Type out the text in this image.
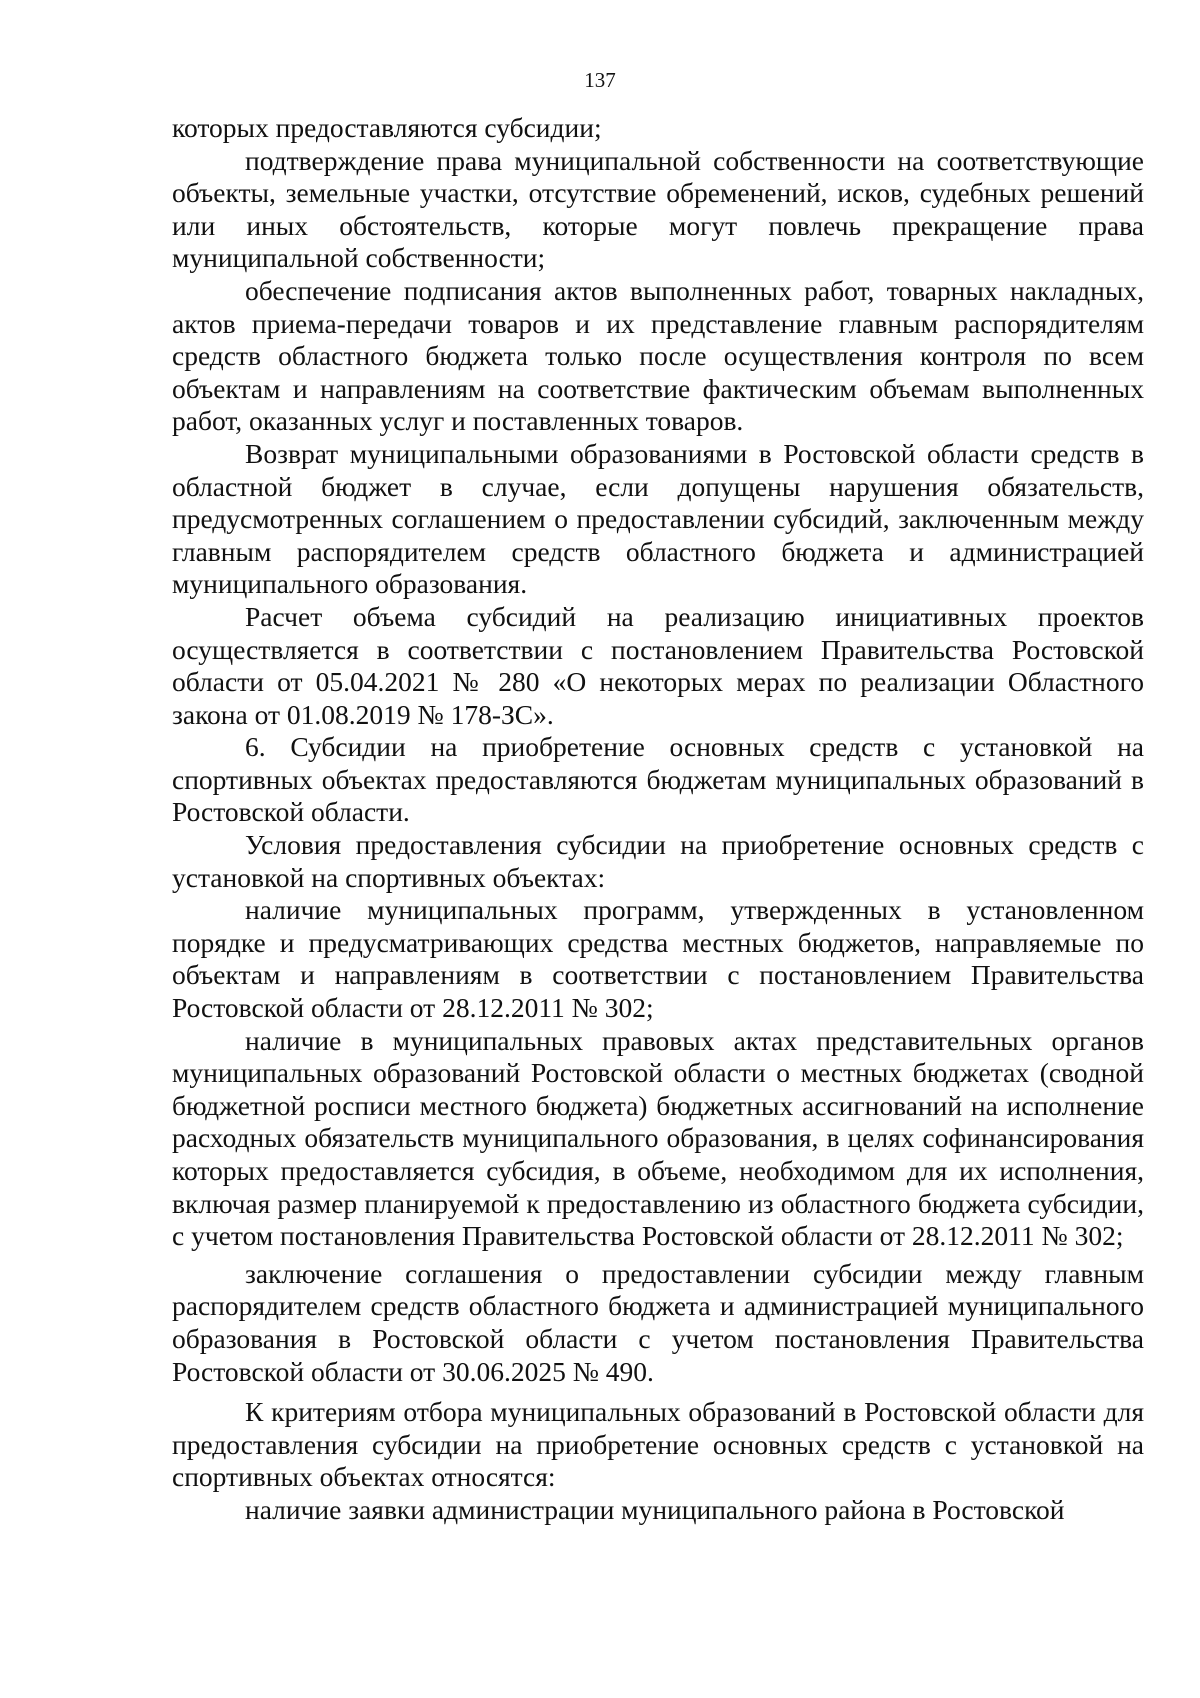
137

которых предоставляются субсидии;

подтверждение права муниципальной собственности на соответствующие объекты, земельные участки, отсутствие обременений, исков, судебных решений или иных обстоятельств, которые могут повлечь прекращение права муниципальной собственности;

обеспечение подписания актов выполненных работ, товарных накладных, актов приема-передачи товаров и их представление главным распорядителям средств областного бюджета только после осуществления контроля по всем объектам и направлениям на соответствие фактическим объемам выполненных работ, оказанных услуг и поставленных товаров.

Возврат муниципальными образованиями в Ростовской области средств в областной бюджет в случае, если допущены нарушения обязательств, предусмотренных соглашением о предоставлении субсидий, заключенным между главным распорядителем средств областного бюджета и администрацией муниципального образования.

Расчет объема субсидий на реализацию инициативных проектов осуществляется в соответствии с постановлением Правительства Ростовской области от 05.04.2021 № 280 «О некоторых мерах по реализации Областного закона от 01.08.2019 № 178-ЗС».

6. Субсидии на приобретение основных средств с установкой на спортивных объектах предоставляются бюджетам муниципальных образований в Ростовской области.

Условия предоставления субсидии на приобретение основных средств с установкой на спортивных объектах:

наличие муниципальных программ, утвержденных в установленном порядке и предусматривающих средства местных бюджетов, направляемые по объектам и направлениям в соответствии с постановлением Правительства Ростовской области от 28.12.2011 № 302;

наличие в муниципальных правовых актах представительных органов муниципальных образований Ростовской области о местных бюджетах (сводной бюджетной росписи местного бюджета) бюджетных ассигнований на исполнение расходных обязательств муниципального образования, в целях софинансирования которых предоставляется субсидия, в объеме, необходимом для их исполнения, включая размер планируемой к предоставлению из областного бюджета субсидии, с учетом постановления Правительства Ростовской области от 28.12.2011 № 302;

заключение соглашения о предоставлении субсидии между главным распорядителем средств областного бюджета и администрацией муниципального образования в Ростовской области с учетом постановления Правительства Ростовской области от 30.06.2025 № 490.

К критериям отбора муниципальных образований в Ростовской области для предоставления субсидии на приобретение основных средств с установкой на спортивных объектах относятся:

наличие заявки администрации муниципального района в Ростовской
